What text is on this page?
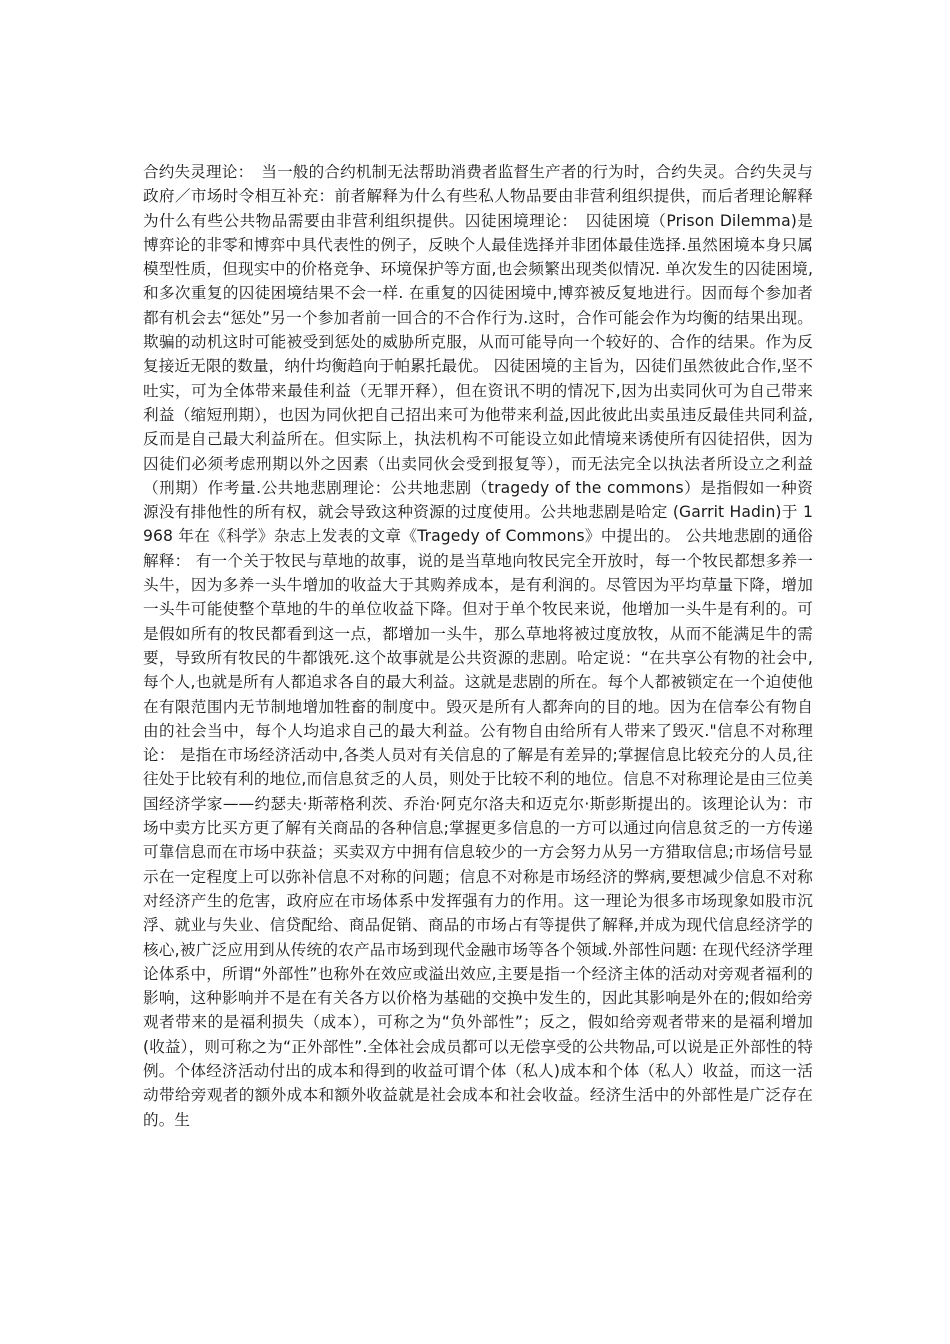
合约失灵理论：　当一般的合约机制无法帮助消费者监督生产者的行为时，合约失灵。合约失灵与政府／市场时令相互补充：前者解释为什么有些私人物品要由非营利组织提供，而后者理论解释为什么有些公共物品需要由非营利组织提供。囚徒困境理论：　囚徒困境（Prison Dilemma)是博弈论的非零和博弈中具代表性的例子，反映个人最佳选择并非团体最佳选择.虽然困境本身只属模型性质，但现实中的价格竞争、环境保护等方面,也会频繁出现类似情况. 单次发生的囚徒困境,和多次重复的囚徒困境结果不会一样. 在重复的囚徒困境中,博弈被反复地进行。因而每个参加者都有机会去“惩处”另一个参加者前一回合的不合作行为.这时，合作可能会作为均衡的结果出现。欺骗的动机这时可能被受到惩处的威胁所克服，从而可能导向一个较好的、合作的结果。作为反复接近无限的数量，纳什均衡趋向于帕累托最优。 囚徒困境的主旨为，囚徒们虽然彼此合作,坚不吐实，可为全体带来最佳利益（无罪开释），但在资讯不明的情况下,因为出卖同伙可为自己带来利益（缩短刑期），也因为同伙把自己招出来可为他带来利益,因此彼此出卖虽违反最佳共同利益,反而是自己最大利益所在。但实际上，执法机构不可能设立如此情境来诱使所有囚徒招供，因为囚徒们必须考虑刑期以外之因素（出卖同伙会受到报复等），而无法完全以执法者所设立之利益（刑期）作考量.公共地悲剧理论：公共地悲剧（tragedy of the commons）是指假如一种资源没有排他性的所有权，就会导致这种资源的过度使用。公共地悲剧是哈定 (Garrit Hadin)于 1968 年在《科学》杂志上发表的文章《Tragedy of Commons》中提出的。 公共地悲剧的通俗解释： 有一个关于牧民与草地的故事，说的是当草地向牧民完全开放时，每一个牧民都想多养一头牛，因为多养一头牛增加的收益大于其购养成本，是有利润的。尽管因为平均草量下降，增加一头牛可能使整个草地的牛的单位收益下降。但对于单个牧民来说，他增加一头牛是有利的。可是假如所有的牧民都看到这一点，都增加一头牛，那么草地将被过度放牧，从而不能满足牛的需要，导致所有牧民的牛都饿死.这个故事就是公共资源的悲剧。哈定说：“在共享公有物的社会中,每个人,也就是所有人都追求各自的最大利益。这就是悲剧的所在。每个人都被锁定在一个迫使他在有限范围内无节制地增加牲畜的制度中。毁灭是所有人都奔向的目的地。因为在信奉公有物自由的社会当中，每个人均追求自己的最大利益。公有物自由给所有人带来了毁灭."信息不对称理论： 是指在市场经济活动中,各类人员对有关信息的了解是有差异的;掌握信息比较充分的人员,往往处于比较有利的地位,而信息贫乏的人员，则处于比较不利的地位。信息不对称理论是由三位美国经济学家——约瑟夫·斯蒂格利茨、乔治·阿克尔洛夫和迈克尔·斯彭斯提出的。该理论认为：市场中卖方比买方更了解有关商品的各种信息;掌握更多信息的一方可以通过向信息贫乏的一方传递可靠信息而在市场中获益；买卖双方中拥有信息较少的一方会努力从另一方猎取信息;市场信号显示在一定程度上可以弥补信息不对称的问题；信息不对称是市场经济的弊病,要想减少信息不对称对经济产生的危害，政府应在市场体系中发挥强有力的作用。这一理论为很多市场现象如股市沉浮、就业与失业、信贷配给、商品促销、商品的市场占有等提供了解释,并成为现代信息经济学的核心,被广泛应用到从传统的农产品市场到现代金融市场等各个领域.外部性问题: 在现代经济学理论体系中，所谓“外部性”也称外在效应或溢出效应,主要是指一个经济主体的活动对旁观者福利的影响，这种影响并不是在有关各方以价格为基础的交换中发生的，因此其影响是外在的;假如给旁观者带来的是福利损失（成本），可称之为“负外部性”；反之，假如给旁观者带来的是福利增加(收益），则可称之为“正外部性”.全体社会成员都可以无偿享受的公共物品,可以说是正外部性的特例。个体经济活动付出的成本和得到的收益可谓个体（私人)成本和个体（私人）收益，而这一活动带给旁观者的额外成本和额外收益就是社会成本和社会收益。经济生活中的外部性是广泛存在的。生
